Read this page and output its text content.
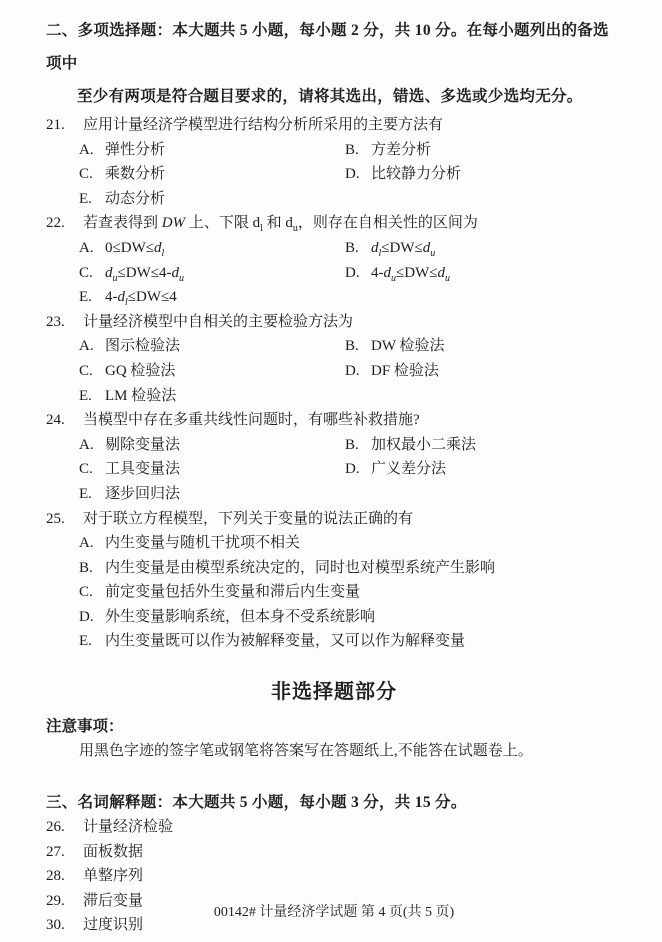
二、多项选择题：本大题共 5 小题，每小题 2 分，共 10 分。在每小题列出的备选项中
至少有两项是符合题目要求的，请将其选出，错选、多选或少选均无分。
21.	应用计量经济学模型进行结构分析所采用的主要方法有
A. 弹性分析	B. 方差分析
C. 乘数分析	D. 比较静力分析
E. 动态分析
22.	若查表得到 DW 上、下限 $d_l$ 和 $d_u$，则存在自相关性的区间为
A. $0\le DW\le d_l$	B. $d_l\le DW\le d_u$
C. $d_u\le DW\le 4-d_u$	D. $4-d_u\le DW\le d_u$
E. $4-d_l\le DW\le 4$
23.	计量经济模型中自相关的主要检验方法为
A. 图示检验法	B. DW 检验法
C. GQ 检验法	D. DF 检验法
E. LM 检验法
24.	当模型中存在多重共线性问题时，有哪些补救措施?
A. 剔除变量法	B. 加权最小二乘法
C. 工具变量法	D. 广义差分法
E. 逐步回归法
25.	对于联立方程模型，下列关于变量的说法正确的有
A. 内生变量与随机干扰项不相关
B. 内生变量是由模型系统决定的，同时也对模型系统产生影响
C. 前定变量包括外生变量和滞后内生变量
D. 外生变量影响系统，但本身不受系统影响
E. 内生变量既可以作为被解释变量，又可以作为解释变量
非选择题部分
注意事项：
用黑色字迹的签字笔或钢笔将答案写在答题纸上,不能答在试题卷上。
三、名词解释题：本大题共 5 小题，每小题 3 分，共 15 分。
26.	计量经济检验
27.	面板数据
28.	单整序列
29.	滞后变量
30.	过度识别
00142# 计量经济学试题 第 4 页(共 5 页)
